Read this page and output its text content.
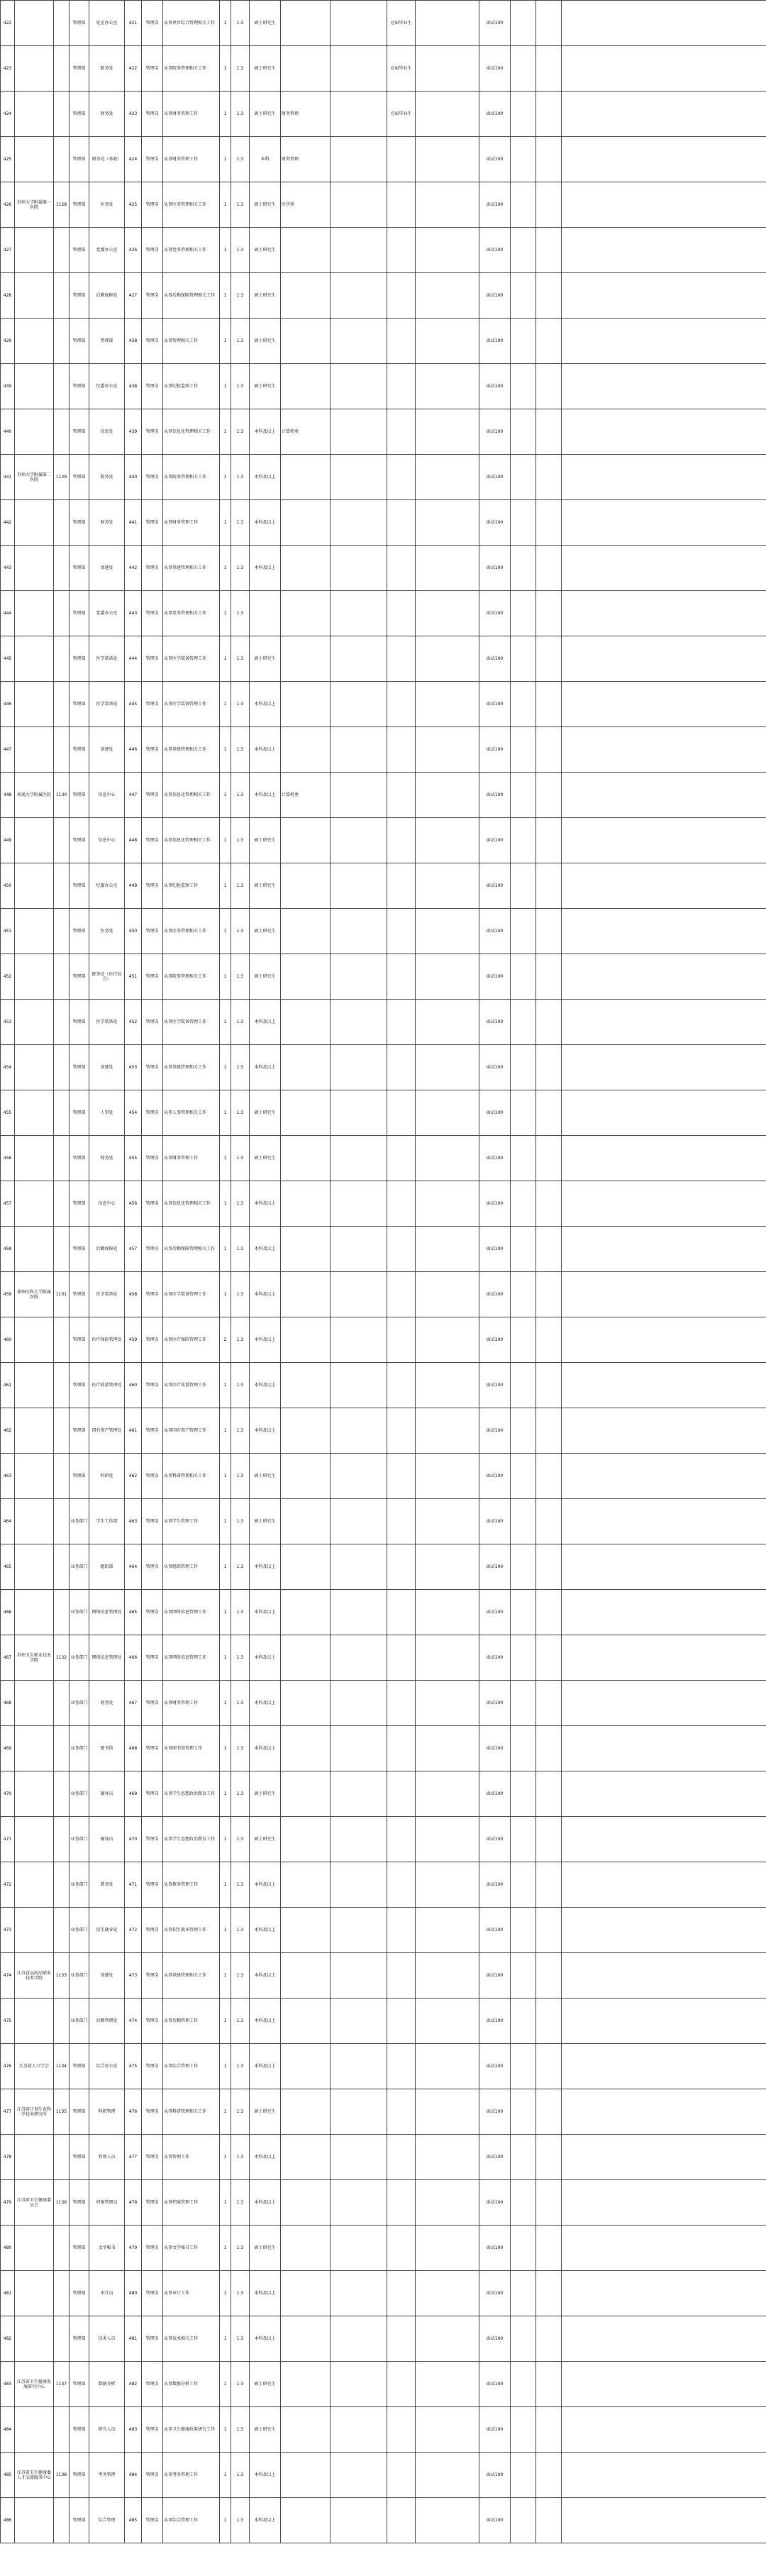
422			管理部	处室办公室	421	管理岗	从事单位综合管理相关工作	1	1:3	硕士研究生			应届毕业生		面试100			
423			管理部	院务处	422	管理岗	从事院务管理相关工作	1	1:3	硕士研究生			应届毕业生		面试100			
424			管理部	财务处	423	管理岗	从事财务管理工作	1	1:3	硕士研究生	财务管理		应届毕业生		面试100			
425			管理部	财务处（各院）	424	管理岗	从事财务管理工作	1	1:3	本科	财务管理				面试100			
426	苏州大学附属第一医院	1128	管理部	医务处	425	管理岗	从事医务管理相关工作	1	1:3	硕士研究生	医学类				面试100			
427			管理部	党委办公室	426	管理岗	从事党务管理相关工作	1	1:3	硕士研究生					面试100			
428			管理部	后勤保障处	427	管理岗	从事后勤保障管理相关工作	1	1:3	硕士研究生					面试100			
429			管理部	管理部	428	管理岗	从事管理相关工作	1	1:3	硕士研究生					面试100			
439			管理部	纪委办公室	438	管理岗	从事纪检监察工作	1	1:3	硕士研究生					面试100			
440			管理部	信息处	439	管理岗	从事信息化管理相关工作	1	1:3	本科及以上	计算机类				面试100			
441	苏州大学附属第二医院	1129	管理部	院务处	440	管理岗	从事院务管理相关工作	1	1:3	本科及以上					面试100			
442			管理部	财务处	441	管理岗	从事财务管理工作	1	1:3	本科及以上					面试100			
443			管理部	基建处	442	管理岗	从事基建管理相关工作	1	1:3	本科及以上					面试100			
444			管理部	党委办公室	443	管理岗	从事党务管理相关工作	1	1:3						面试100			
445			管理部	医学装备处	444	管理岗	从事医学装备管理工作	1	1:3	硕士研究生					面试100			
446			管理部	医学装备处	445	管理岗	从事医学装备管理工作	1	1:3	本科及以上					面试100			
447			管理部	基建处	446	管理岗	从事基建管理相关工作	1	1:3	本科及以上					面试100			
448	南通大学附属医院	1130	管理部	信息中心	447	管理岗	从事信息化管理相关工作	1	1:3	本科及以上	计算机类				面试100			
449			管理部	信息中心	448	管理岗	从事信息化管理相关工作	1	1:3	硕士研究生					面试100			
450			管理部	纪委办公室	449	管理岗	从事纪检监察工作	1	1:3	硕士研究生					面试100			
451			管理部	医务处	450	管理岗	从事医务管理相关工作	1	1:3	硕士研究生					面试100			
452			管理部	院务处（医疗综合）	451	管理岗	从事院务管理相关工作	1	1:3	硕士研究生					面试100			
453			管理部	医学装备处	452	管理岗	从事医学装备管理工作	1	1:3	本科及以上					面试100			
454			管理部	基建处	453	管理岗	从事基建管理相关工作	1	1:3	本科及以上					面试100			
455			管理部	人事处	454	管理岗	从事人事管理相关工作	1	1:3	硕士研究生					面试100			
456			管理部	财务处	455	管理岗	从事财务管理工作	1	1:3	硕士研究生					面试100			
457			管理部	信息中心	456	管理岗	从事信息化管理相关工作	1	1:3	本科及以上					面试100			
458			管理部	后勤保障处	457	管理岗	从事后勤保障管理相关工作	1	1:3	本科及以上					面试100			
459	徐州医科大学附属医院	1131	管理部	医学装备处	458	管理岗	从事医学装备管理工作	1	1:3	本科及以上					面试100			
460			管理部	医疗保险管理处	459	管理岗	从事医疗保险管理工作	2	1:3	本科及以上					面试100			
461			管理部	医疗质量管理处	460	管理岗	从事医疗质量管理工作	1	1:3	本科及以上					面试100			
462			管理部	国有资产管理处	461	管理岗	从事国有资产管理工作	1	1:3	本科及以上					面试100			
463			管理部	科研处	462	管理岗	从事科研管理相关工作	1	1:3	硕士研究生					面试100			
464			业务部门	学生工作部	463	管理岗	从事学生管理工作	1	1:3	硕士研究生					面试100			
465			业务部门	组织部	464	管理岗	从事组织管理工作	1	1:3	本科及以上					面试100			
466			业务部门	网络信息管理处	465	管理岗	从事网络信息管理工作	1	1:3	本科及以上					面试100			
467	苏州卫生职业技术学院	1132	业务部门	网络信息管理处	466	管理岗	从事网络信息管理工作	1	1:3	本科及以上					面试100			
468			业务部门	财务处	467	管理岗	从事财务管理工作	1	1:3	本科及以上					面试100			
469			业务部门	图书馆	468	管理岗	从事图书馆管理工作	1	1:3	本科及以上					面试100			
470			业务部门	辅导员	469	管理岗	从事学生思想政治教育工作	1	1:3	硕士研究生					面试100			
471			业务部门	辅导员	470	管理岗	从事学生思想政治教育工作	1	1:3	硕士研究生					面试100			
472			业务部门	教务处	471	管理岗	从事教务管理工作	1	1:3	本科及以上					面试100			
473			业务部门	招生就业处	472	管理岗	从事招生就业管理工作	1	1:3	本科及以上					面试100			
474	江苏食品药品职业技术学院	1133	业务部门	基建处	473	管理岗	从事基建管理相关工作	1	1:3	本科及以上					面试100			
475			业务部门	后勤管理处	474	管理岗	从事后勤管理工作	1	1:3	本科及以上					面试100			
476	江苏省人口学会	1134	管理部	综合办公室	475	管理岗	从事综合管理工作	1	1:3	本科及以上					面试100			
477	江苏省计划生育科学技术研究所	1135	管理部	科研管理	476	管理岗	从事科研管理相关工作	1	1:3	硕士研究生					面试100			
478			管理部	管理人员	477	管理岗	从事管理工作	1	1:3	本科及以上					面试100			
479	江苏省卫生健康委员会	1136	管理部	档案管理员	478	管理岗	从事档案管理工作	1	1:3	本科及以上					面试100			
480			管理部	文字秘书	479	管理岗	从事文字秘书工作	1	1:3	硕士研究生					面试100			
481			管理部	审计员	480	管理岗	从事审计工作	1	1:3	本科及以上					面试100			
482			管理部	技术人员	481	管理岗	从事技术相关工作	1	1:3	本科及以上					面试100			
483	江苏省卫生健康发展研究中心	1137	管理部	数据分析	482	管理岗	从事数据分析工作	1	1:3	硕士研究生					面试100			
484			管理部	研究人员	483	管理岗	从事卫生健康政策研究工作	1	1:3	硕士研究生					面试100			
485	江苏省卫生健康委人才交流服务中心	1138	管理部	考务管理	484	管理岗	从事考务管理工作	1	1:3	本科及以上					面试100			
486			管理部	综合管理	485	管理岗	从事综合管理工作	1	1:3	本科及以上					面试100			
